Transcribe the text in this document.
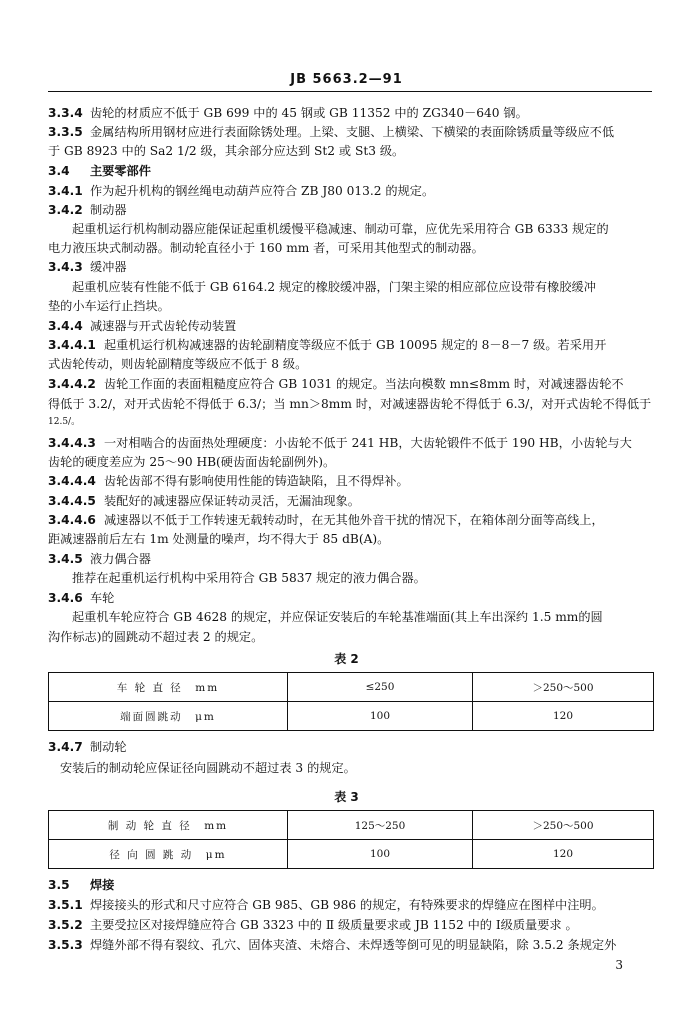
JB 5663.2—91
3.3.4 齿轮的材质应不低于 GB 699 中的 45 钢或 GB 11352 中的 ZG340－640 钢。
3.3.5 金属结构所用钢材应进行表面除锈处理。上梁、支腿、上横梁、下横梁的表面除锈质量等级应不低
于 GB 8923 中的 Sa2 1/2 级，其余部分应达到 St2 或 St3 级。
3.4 主要零部件
3.4.1 作为起升机构的钢丝绳电动葫芦应符合 ZB J80 013.2 的规定。
3.4.2 制动器
起重机运行机构制动器应能保证起重机缓慢平稳减速、制动可靠，应优先采用符合 GB 6333 规定的
电力液压块式制动器。制动轮直径小于 160 mm 者，可采用其他型式的制动器。
3.4.3 缓冲器
起重机应装有性能不低于 GB 6164.2 规定的橡胶缓冲器，门架主梁的相应部位应设带有橡胶缓冲
垫的小车运行止挡块。
3.4.4 减速器与开式齿轮传动装置
3.4.4.1 起重机运行机构减速器的齿轮副精度等级应不低于 GB 10095 规定的 8－8－7 级。若采用开
式齿轮传动，则齿轮副精度等级应不低于 8 级。
3.4.4.2 齿轮工作面的表面粗糙度应符合 GB 1031 的规定。当法向模数 mn≤8mm 时，对减速器齿轮不
得低于 3.2/，对开式齿轮不得低于 6.3/；当 mn＞8mm 时，对减速器齿轮不得低于 6.3/，对开式齿轮不得低于
12.5/。
3.4.4.3 一对相啮合的齿面热处理硬度：小齿轮不低于 241 HB，大齿轮锻件不低于 190 HB，小齿轮与大
齿轮的硬度差应为 25～90 HB(硬齿面齿轮副例外)。
3.4.4.4 齿轮齿部不得有影响使用性能的铸造缺陷，且不得焊补。
3.4.4.5 装配好的减速器应保证转动灵活，无漏油现象。
3.4.4.6 减速器以不低于工作转速无载转动时，在无其他外音干扰的情况下，在箱体剖分面等高线上，
距减速器前后左右 1m 处测量的噪声，均不得大于 85 dB(A)。
3.4.5 液力偶合器
推荐在起重机运行机构中采用符合 GB 5837 规定的液力偶合器。
3.4.6 车轮
起重机车轮应符合 GB 4628 的规定，并应保证安装后的车轮基准端面(其上车出深约 1.5 mm的圆
沟作标志)的圆跳动不超过表 2 的规定。
表 2
车 轮 直 径　mm	≤250	＞250～500
端面圆跳动　μm	100	120
3.4.7 制动轮
安装后的制动轮应保证径向圆跳动不超过表 3 的规定。
表 3
制 动 轮 直 径　mm	125～250	＞250～500
径 向 圆 跳 动　μm	100	120
3.5 焊接
3.5.1 焊接接头的形式和尺寸应符合 GB 985、GB 986 的规定，有特殊要求的焊缝应在图样中注明。
3.5.2 主要受拉区对接焊缝应符合 GB 3323 中的 Ⅱ 级质量要求或 JB 1152 中的 Ⅰ级质量要求 。
3.5.3 焊缝外部不得有裂纹、孔穴、固体夹渣、未熔合、未焊透等倒可见的明显缺陷，除 3.5.2 条规定外
3
